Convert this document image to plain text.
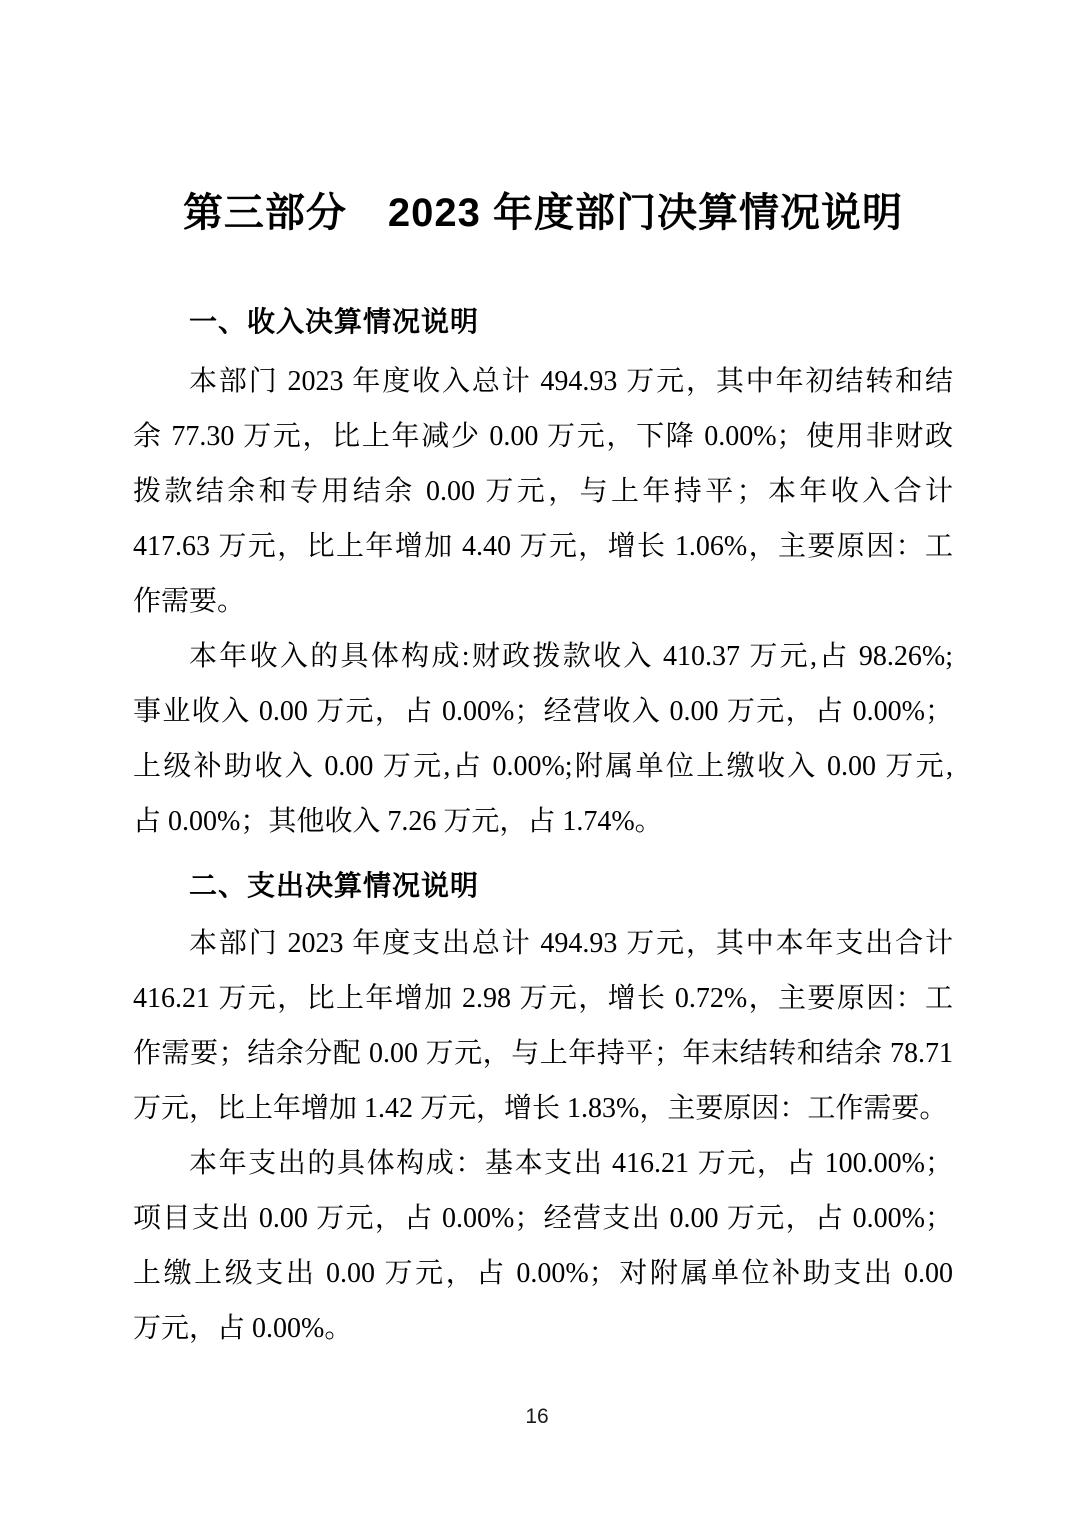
第三部分　2023 年度部门决算情况说明
一、收入决算情况说明

本部门 2023 年度收入总计 494.93 万元，其中年初结转和结
余 77.30 万元，比上年减少 0.00 万元，下降 0.00%；使用非财政
拨款结余和专用结余 0.00 万元，与上年持平；本年收入合计
417.63 万元，比上年增加 4.40 万元，增长 1.06%，主要原因：工
作需要。

本年收入的具体构成:财政拨款收入 410.37 万元,占 98.26%;
事业收入 0.00 万元，占 0.00%；经营收入 0.00 万元，占 0.00%；
上级补助收入 0.00 万元,占 0.00%;附属单位上缴收入 0.00 万元,
占 0.00%；其他收入 7.26 万元，占 1.74%。

二、支出决算情况说明

本部门 2023 年度支出总计 494.93 万元，其中本年支出合计
416.21 万元，比上年增加 2.98 万元，增长 0.72%，主要原因：工
作需要；结余分配 0.00 万元，与上年持平；年末结转和结余 78.71
万元，比上年增加 1.42 万元，增长 1.83%，主要原因：工作需要。

本年支出的具体构成：基本支出 416.21 万元，占 100.00%；
项目支出 0.00 万元，占 0.00%；经营支出 0.00 万元，占 0.00%；
上缴上级支出 0.00 万元，占 0.00%；对附属单位补助支出 0.00
万元，占 0.00%。

16
